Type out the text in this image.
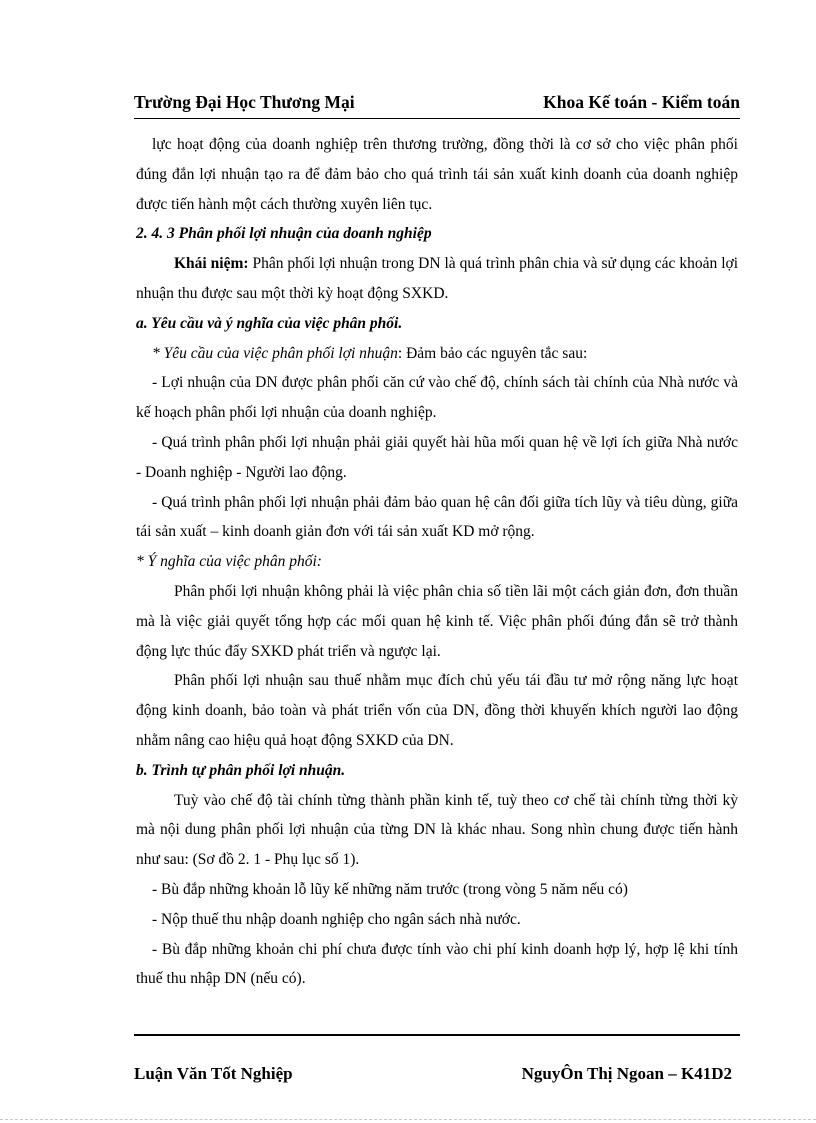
Trường Đại Học Thương Mại	Khoa Kế toán - Kiểm toán

lực hoạt động của doanh nghiệp trên thương trường, đồng thời là cơ sở cho việc phân phối đúng đắn lợi nhuận tạo ra để đảm bảo cho quá trình tái sản xuất kinh doanh của doanh nghiệp được tiến hành một cách thường xuyên liên tục.

2. 4. 3 Phân phối lợi nhuận của doanh nghiệp

Khái niệm: Phân phối lợi nhuận trong DN là quá trình phân chia và sử dụng các khoản lợi nhuận thu được sau một thời kỳ hoạt động SXKD.

a. Yêu cầu và ý nghĩa của việc phân phối.

* Yêu cầu của việc phân phối lợi nhuận: Đảm bảo các nguyên tắc sau:

- Lợi nhuận của DN được phân phối căn cứ vào chế độ, chính sách tài chính của Nhà nước và kế hoạch phân phối lợi nhuận của doanh nghiệp.

- Quá trình phân phối lợi nhuận phải giải quyết hài hũa mối quan hệ về lợi ích giữa Nhà nước - Doanh nghiệp - Người lao động.

- Quá trình phân phối lợi nhuận phải đảm bảo quan hệ cân đối giữa tích lũy và tiêu dùng, giữa tái sản xuất – kinh doanh giản đơn với tái sản xuất KD mở rộng.

* Ý nghĩa của việc phân phối:

Phân phối lợi nhuận không phải là việc phân chia số tiền lãi một cách giản đơn, đơn thuần mà là việc giải quyết tổng hợp các mối quan hệ kinh tế. Việc phân phối đúng đắn sẽ trở thành động lực thúc đẩy SXKD phát triển và ngược lại.

Phân phối lợi nhuận sau thuế nhằm mục đích chủ yếu tái đầu tư mở rộng năng lực hoạt động kinh doanh, bảo toàn và phát triển vốn của DN, đồng thời khuyến khích người lao động nhằm nâng cao hiệu quả hoạt động SXKD của DN.

b. Trình tự phân phối lợi nhuận.

Tuỳ vào chế độ tài chính từng thành phần kinh tế, tuỳ theo cơ chế tài chính từng thời kỳ mà nội dung phân phối lợi nhuận của từng DN là khác nhau. Song nhìn chung được tiến hành như sau: (Sơ đồ 2. 1 - Phụ lục số 1).

- Bù đắp những khoản lỗ lũy kế những năm trước (trong vòng 5 năm nếu có)

- Nộp thuế thu nhập doanh nghiệp cho ngân sách nhà nước.

- Bù đắp những khoản chi phí chưa được tính vào chi phí kinh doanh hợp lý, hợp lệ khi tính thuế thu nhập DN (nếu có).

Luận Văn Tốt Nghiệp	NguyÔn Thị Ngoan – K41D2
